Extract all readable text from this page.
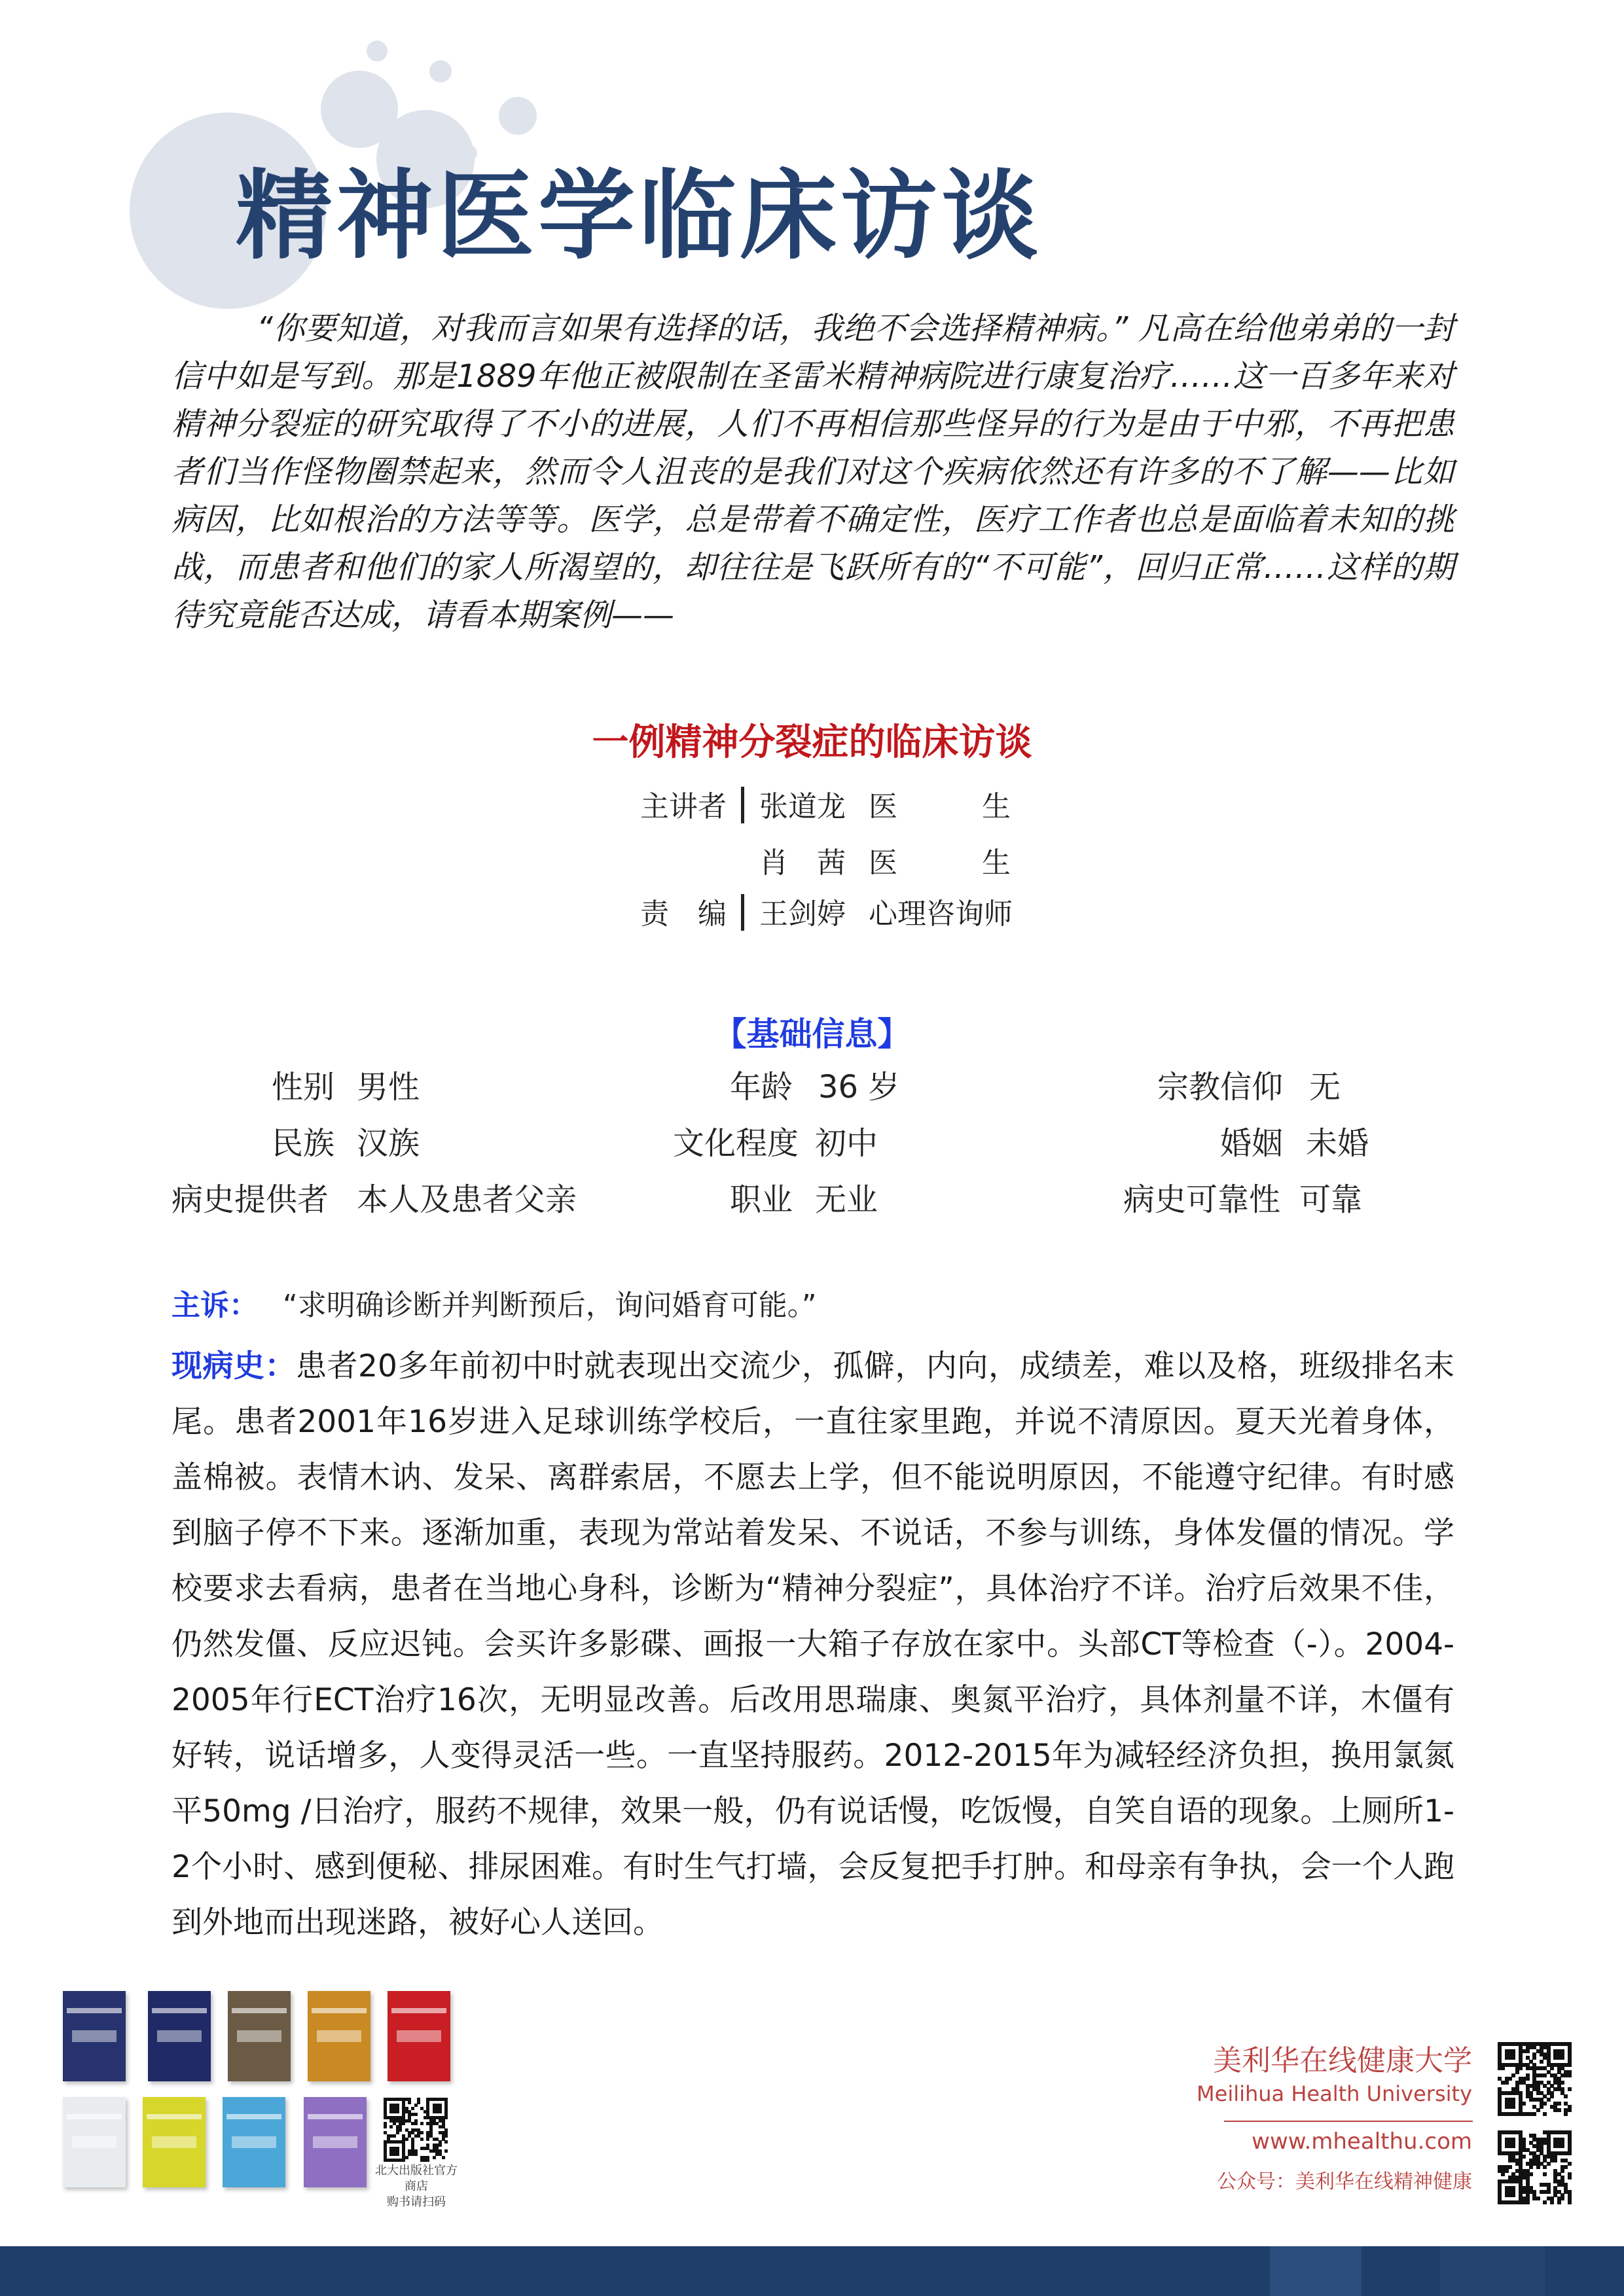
精神医学临床访谈

“你要知道，对我而言如果有选择的话，我绝不会选择精神病。” 凡高在给他弟弟的一封信中如是写到。那是1889年他正被限制在圣雷米精神病院进行康复治疗……这一百多年来对精神分裂症的研究取得了不小的进展，人们不再相信那些怪异的行为是由于中邪，不再把患者们当作怪物圈禁起来，然而令人沮丧的是我们对这个疾病依然还有许多的不了解——比如病因，比如根治的方法等等。医学，总是带着不确定性，医疗工作者也总是面临着未知的挑战，而患者和他们的家人所渴望的，却往往是飞跃所有的“不可能”，回归正常……这样的期待究竟能否达成，请看本期案例——

一例精神分裂症的临床访谈
主讲者 张道龙 医	生
肖　茜 医	生
责　编 王剑婷 心理咨询师
【基础信息】
性别 男性	年龄 36 岁	宗教信仰 无
民族 汉族	文化程度 初中	婚姻 未婚
病史提供者 本人及患者父亲	职业 无业	病史可靠性 可靠
主诉： “求明确诊断并判断预后，询问婚育可能。”

现病史：患者20多年前初中时就表现出交流少，孤僻，内向，成绩差，难以及格，班级排名末尾。患者2001年16岁进入足球训练学校后，一直往家里跑，并说不清原因。夏天光着身体，盖棉被。表情木讷、发呆、离群索居，不愿去上学，但不能说明原因，不能遵守纪律。有时感到脑子停不下来。逐渐加重，表现为常站着发呆、不说话，不参与训练，身体发僵的情况。学校要求去看病，患者在当地心身科，诊断为“精神分裂症”，具体治疗不详。治疗后效果不佳，仍然发僵、反应迟钝。会买许多影碟、画报一大箱子存放在家中。头部CT等检查（-）。2004-2005年行ECT治疗16次，无明显改善。后改用思瑞康、奥氮平治疗，具体剂量不详，木僵有好转，说话增多，人变得灵活一些。一直坚持服药。2012-2015年为减轻经济负担，换用氯氮平50mg /日治疗，服药不规律，效果一般，仍有说话慢，吃饭慢，自笑自语的现象。上厕所1-2个小时、感到便秘、排尿困难。有时生气打墙，会反复把手打肿。和母亲有争执，会一个人跑到外地而出现迷路，被好心人送回。

北大出版社官方商店
购书请扫码
美利华在线健康大学
Meilihua Health University
www.mhealthu.com
公众号：美利华在线精神健康
